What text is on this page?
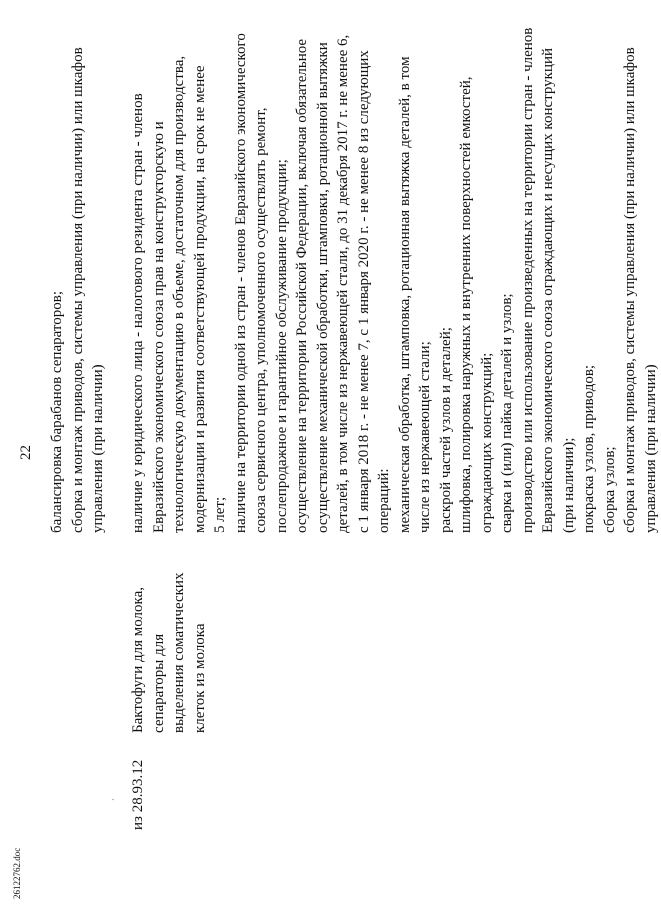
22
26122762.doc
·
балансировка барабанов сепараторов; сборка и монтаж приводов, системы управления (при наличии) или шкафов управления (при наличии)
из 28.93.12
Бактофуги для молока, сепараторы для выделения соматических клеток из молока
наличие у юридического лица - налогового резидента стран - членов Евразийского экономического союза прав на конструкторскую и технологическую документацию в объеме, достаточном для производства, модернизации и развития соответствующей продукции, на срок не менее 5 лет; наличие на территории одной из стран - членов Евразийского экономического союза сервисного центра, уполномоченного осуществлять ремонт, послепродажное и гарантийное обслуживание продукции; осуществление на территории Российской Федерации, включая обязательное осуществление механической обработки, штамповки, ротационной вытяжки деталей, в том числе из нержавеющей стали, до 31 декабря 2017 г. не менее 6, с 1 января 2018 г. - не менее 7, с 1 января 2020 г. - не менее 8 из следующих операций: механическая обработка, штамповка, ротационная вытяжка деталей, в том числе из нержавеющей стали; раскрой частей узлов и деталей; шлифовка, полировка наружных и внутренних поверхностей емкостей, ограждающих конструкций; сварка и (или) пайка деталей и узлов; производство или использование произведенных на территории стран - членов Евразийского экономического союза ограждающих и несущих конструкций (при наличии); покраска узлов, приводов; сборка узлов; сборка и монтаж приводов, системы управления (при наличии) или шкафов управления (при наличии)
